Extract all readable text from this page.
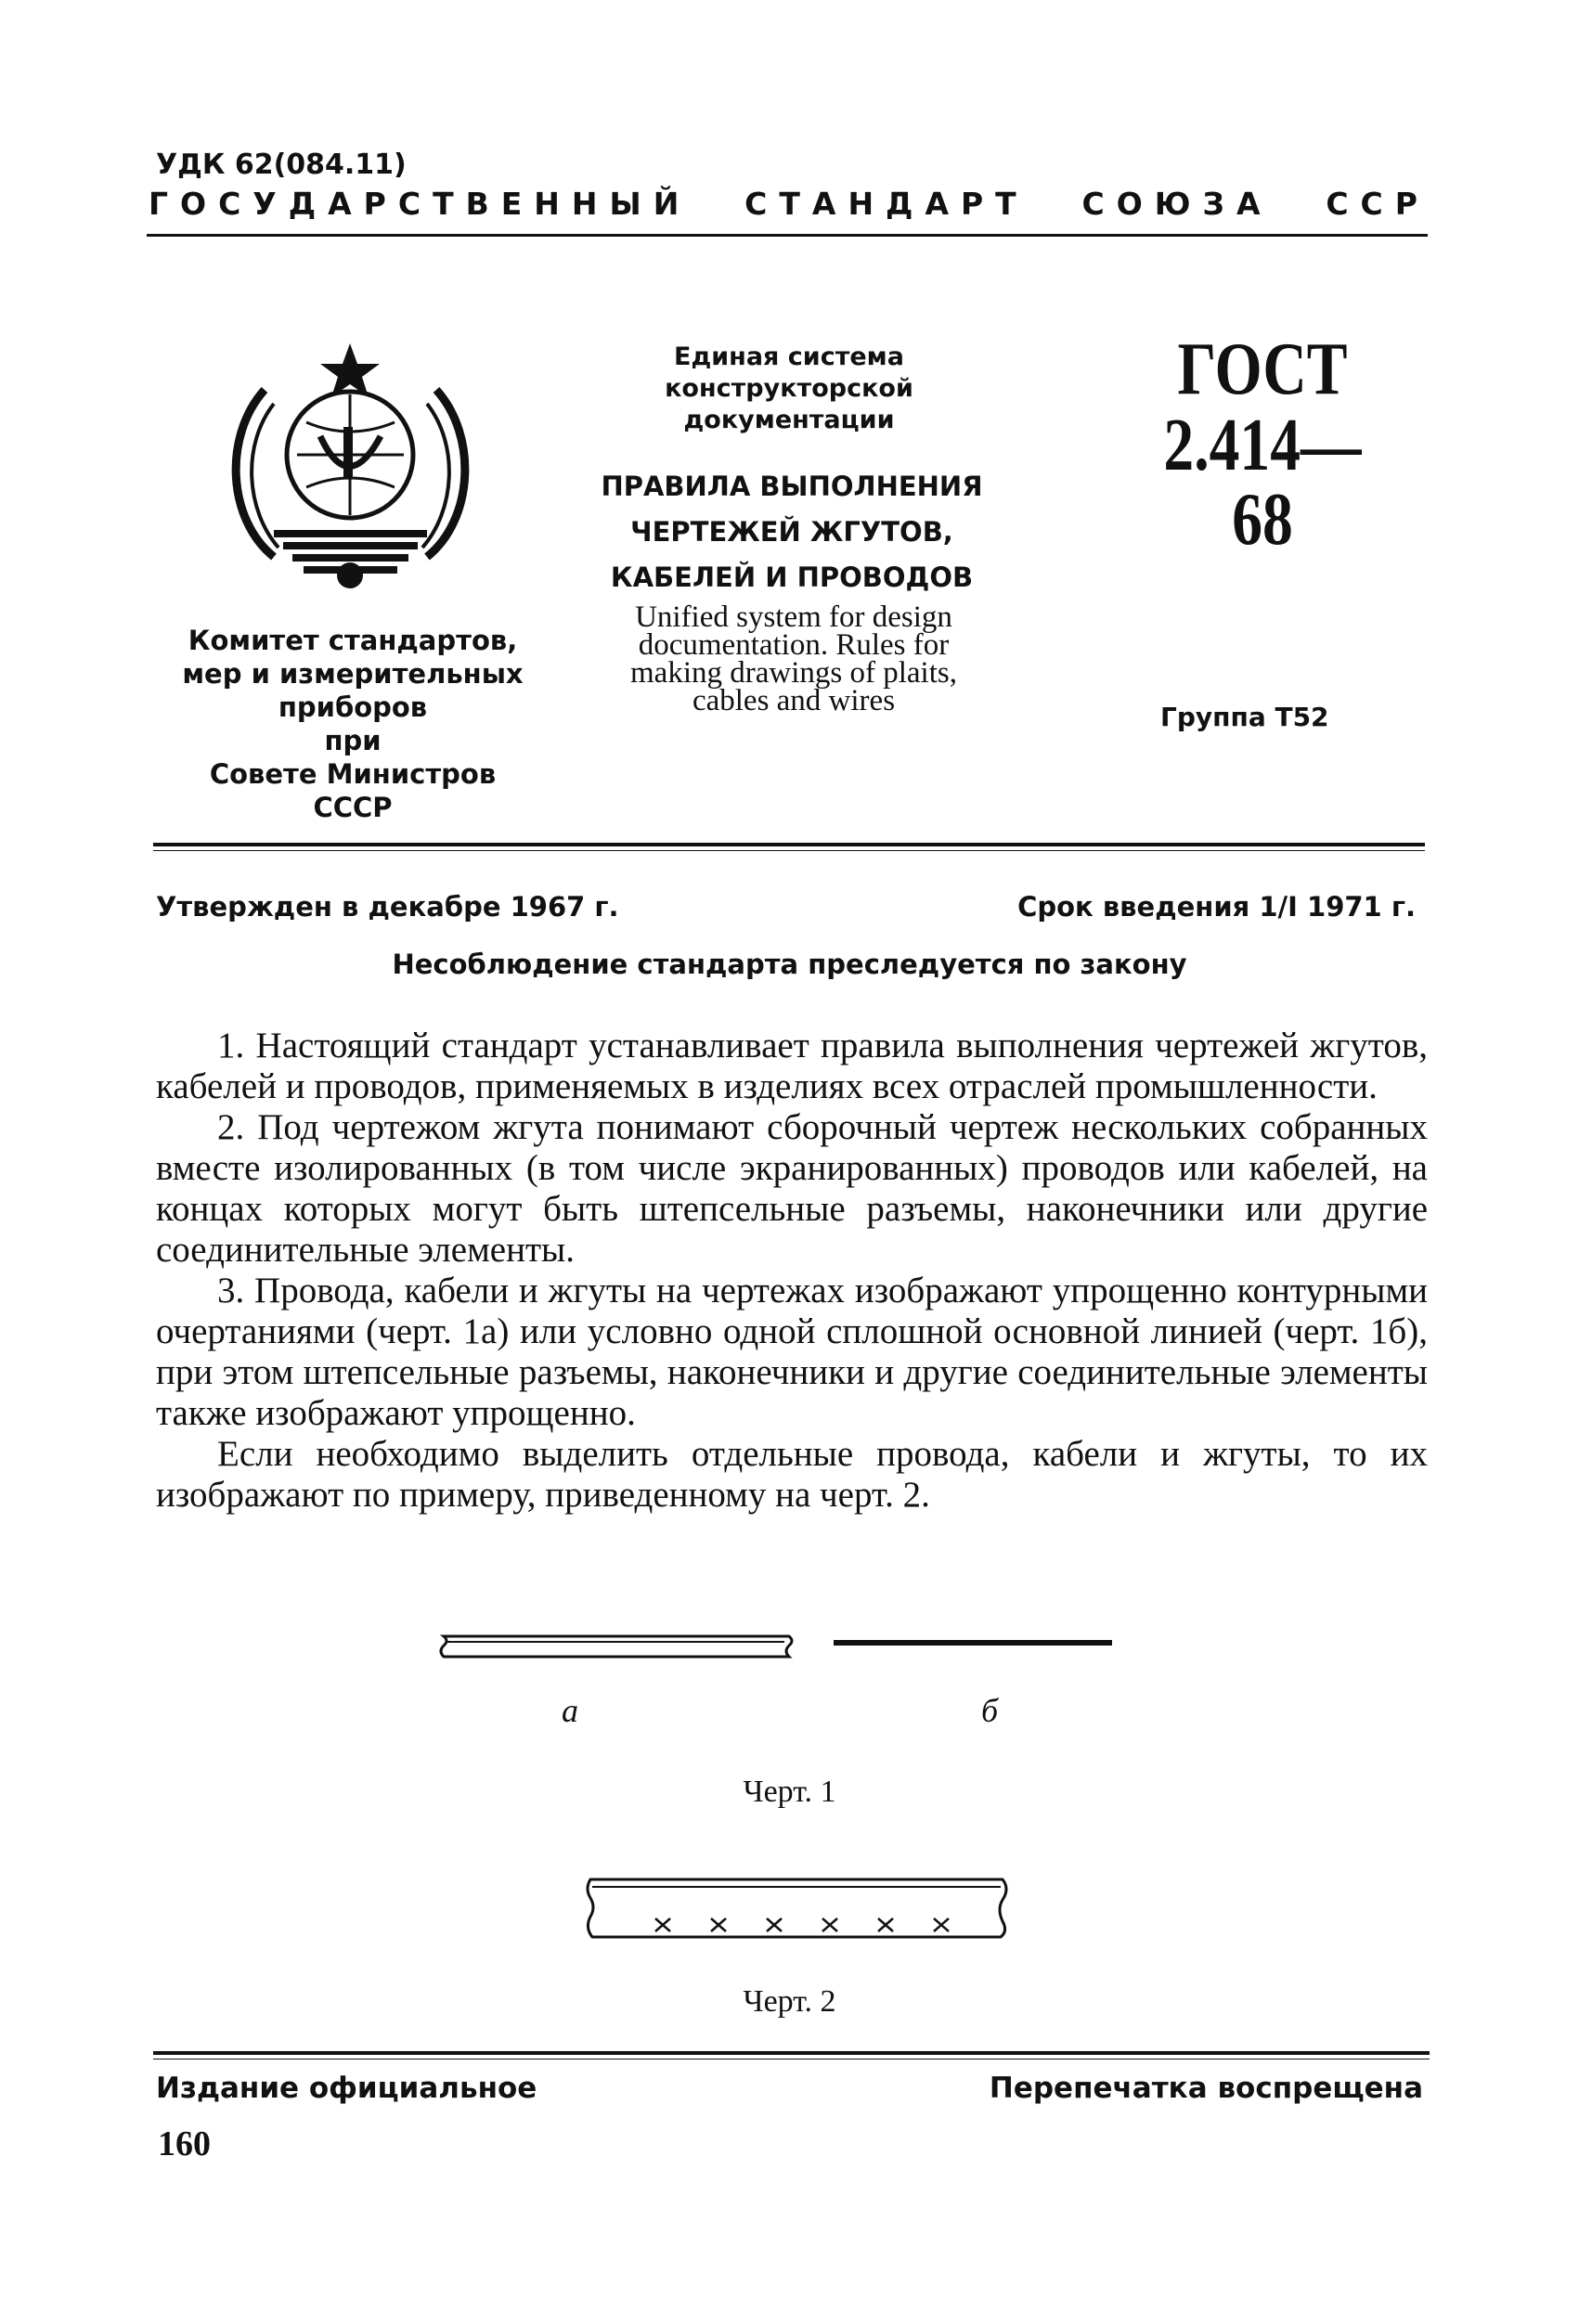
УДК 62(084.11)
ГОСУДАРСТВЕННЫЙ СТАНДАРТ СОЮЗА ССР
Комитет стандартов,
мер и измерительных
приборов
при
Совете Министров
СССР
Единая система
конструкторской
документации
ПРАВИЛА ВЫПОЛНЕНИЯ
ЧЕРТЕЖЕЙ ЖГУТОВ,
КАБЕЛЕЙ И ПРОВОДОВ
Unified system for design
documentation. Rules for
making drawings of plaits,
cables and wires
ГОСТ
2.414—68
Группа Т52
Утвержден в декабре 1967 г.	Срок введения 1/I 1971 г.
Несоблюдение стандарта преследуется по закону

1. Настоящий стандарт устанавливает правила выполнения чертежей жгутов, кабелей и проводов, применяемых в изделиях всех отраслей промышленности.

2. Под чертежом жгута понимают сборочный чертеж нескольких собранных вместе изолированных (в том числе экранированных) проводов или кабелей, на концах которых могут быть штепсельные разъемы, наконечники или другие соединительные элементы.

3. Провода, кабели и жгуты на чертежах изображают упрощенно контурными очертаниями (черт. 1а) или условно одной сплошной основной линией (черт. 1б), при этом штепсельные разъемы, наконечники и другие соединительные элементы также изображают упрощенно.

Если необходимо выделить отдельные провода, кабели и жгуты, то их изображают по примеру, приведенному на черт. 2.

а	б
Черт. 1
Черт. 2
Издание официальное	Перепечатка воспрещена
160
